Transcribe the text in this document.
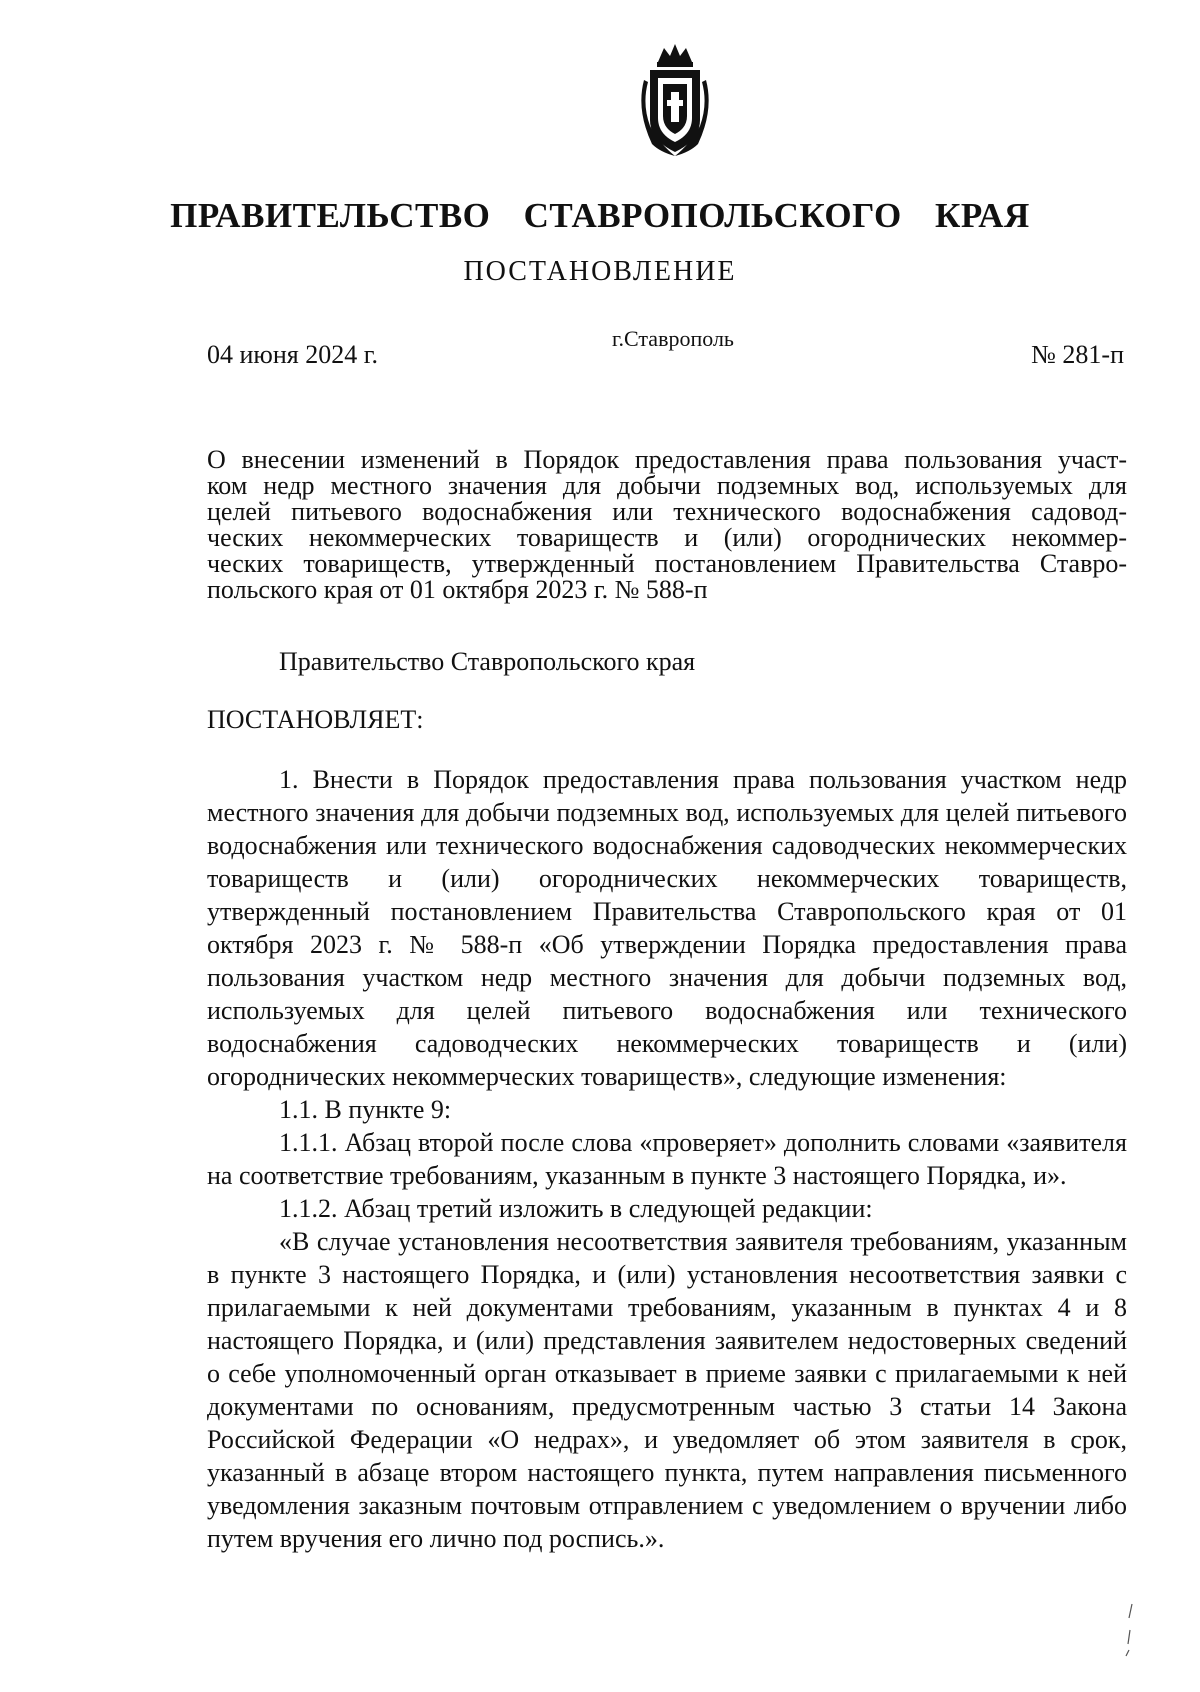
ПРАВИТЕЛЬСТВО СТАВРОПОЛЬСКОГО КРАЯ
ПОСТАНОВЛЕНИЕ
04 июня 2024 г.
г.Ставрополь
№ 281-п
О внесении изменений в Порядок предоставления права пользования участ-
ком недр местного значения для добычи подземных вод, используемых для
целей питьевого водоснабжения или технического водоснабжения садовод-
ческих некоммерческих товариществ и (или) огороднических некоммер-
ческих товариществ, утвержденный постановлением Правительства Ставро-
польского края от 01 октября 2023 г. № 588-п
Правительство Ставропольского края
ПОСТАНОВЛЯЕТ:

1. Внести в Порядок предоставления права пользования участком недр местного значения для добычи подземных вод, используемых для целей питьевого водоснабжения или технического водоснабжения садоводческих некоммерческих товариществ и (или) огороднических некоммерческих товариществ, утвержденный постановлением Правительства Ставропольского края от 01 октября 2023 г. № 588-п «Об утверждении Порядка предоставления права пользования участком недр местного значения для добычи подземных вод, используемых для целей питьевого водоснабжения или технического водоснабжения садоводческих некоммерческих товариществ и (или) огороднических некоммерческих товариществ», следующие изменения:

1.1. В пункте 9:

1.1.1. Абзац второй после слова «проверяет» дополнить словами «заявителя на соответствие требованиям, указанным в пункте 3 настоящего Порядка, и».

1.1.2. Абзац третий изложить в следующей редакции:

«В случае установления несоответствия заявителя требованиям, указанным в пункте 3 настоящего Порядка, и (или) установления несоответствия заявки с прилагаемыми к ней документами требованиям, указанным в пунктах 4 и 8 настоящего Порядка, и (или) представления заявителем недостоверных сведений о себе уполномоченный орган отказывает в приеме заявки с прилагаемыми к ней документами по основаниям, предусмотренным частью 3 статьи 14 Закона Российской Федерации «О недрах», и уведомляет об этом заявителя в срок, указанный в абзаце втором настоящего пункта, путем направления письменного уведомления заказным почтовым отправлением с уведомлением о вручении либо путем вручения его лично под роспись.».
